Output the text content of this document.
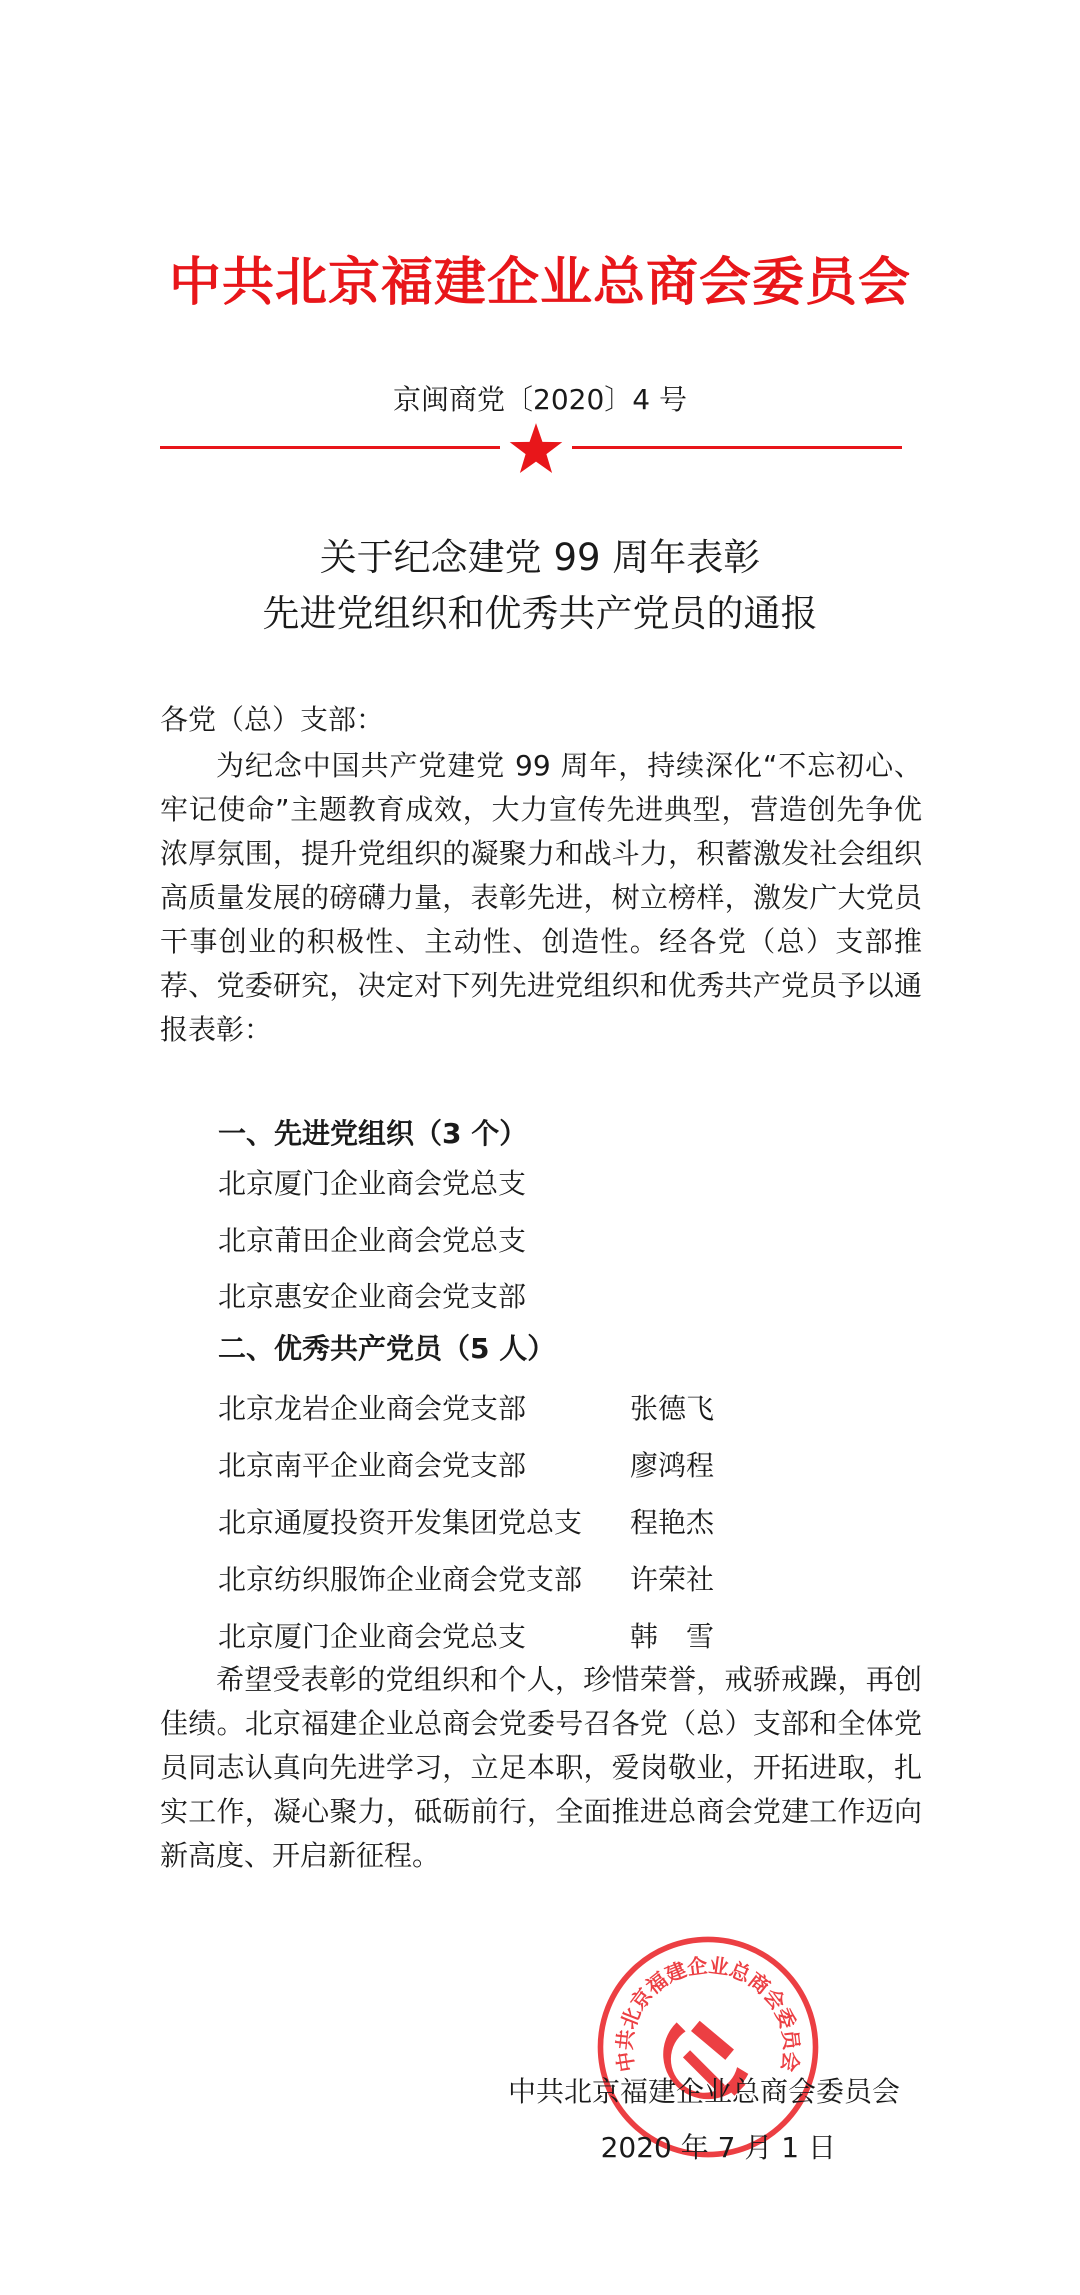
中共北京福建企业总商会委员会
京闽商党〔2020〕4 号
关于纪念建党 99 周年表彰
先进党组织和优秀共产党员的通报
各党（总）支部：
为纪念中国共产党建党 99 周年，持续深化“不忘初心、牢记使命”主题教育成效，大力宣传先进典型，营造创先争优浓厚氛围，提升党组织的凝聚力和战斗力，积蓄激发社会组织高质量发展的磅礴力量，表彰先进，树立榜样，激发广大党员干事创业的积极性、主动性、创造性。经各党（总）支部推荐、党委研究，决定对下列先进党组织和优秀共产党员予以通报表彰：
一、先进党组织（3 个）
北京厦门企业商会党总支
北京莆田企业商会党总支
北京惠安企业商会党支部
二、优秀共产党员（5 人）
北京龙岩企业商会党支部	张德飞
北京南平企业商会党支部	廖鸿程
北京通厦投资开发集团党总支 程艳杰
北京纺织服饰企业商会党支部 许荣社
北京厦门企业商会党总支	韩　雪
希望受表彰的党组织和个人，珍惜荣誉，戒骄戒躁，再创佳绩。北京福建企业总商会党委号召各党（总）支部和全体党员同志认真向先进学习，立足本职，爱岗敬业，开拓进取，扎实工作，凝心聚力，砥砺前行，全面推进总商会党建工作迈向新高度、开启新征程。
中共北京福建企业总商会委员会
中共北京福建企业总商会委员会
2020 年 7 月 1 日
